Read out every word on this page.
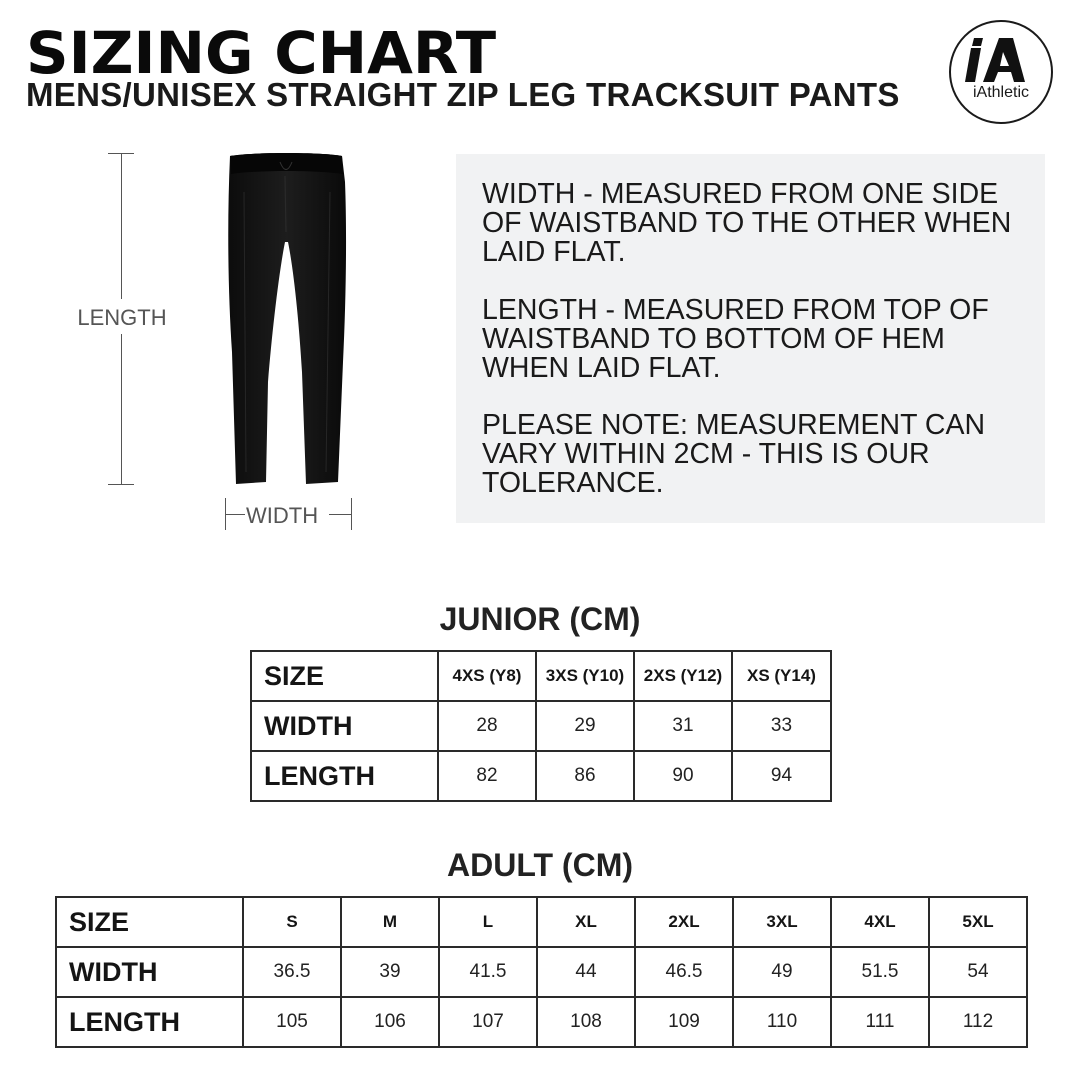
SIZING CHART
MENS/UNISEX STRAIGHT ZIP LEG TRACKSUIT PANTS	iAthletic
LENGTH
WIDTH

WIDTH - MEASURED FROM ONE SIDE OF WAISTBAND TO THE OTHER WHEN LAID FLAT.

LENGTH - MEASURED FROM TOP OF WAISTBAND TO BOTTOM OF HEM WHEN LAID FLAT.

PLEASE NOTE: MEASUREMENT CAN VARY WITHIN 2CM - THIS IS OUR TOLERANCE.

JUNIOR (CM)
SIZE	4XS (Y8)	3XS (Y10)	2XS (Y12)	XS (Y14)
WIDTH	28	29	31	33
LENGTH	82	86	90	94
ADULT (CM)
SIZE	S	M	L	XL	2XL	3XL	4XL	5XL
WIDTH	36.5	39	41.5	44	46.5	49	51.5	54
LENGTH	105	106	107	108	109	110	111	112
